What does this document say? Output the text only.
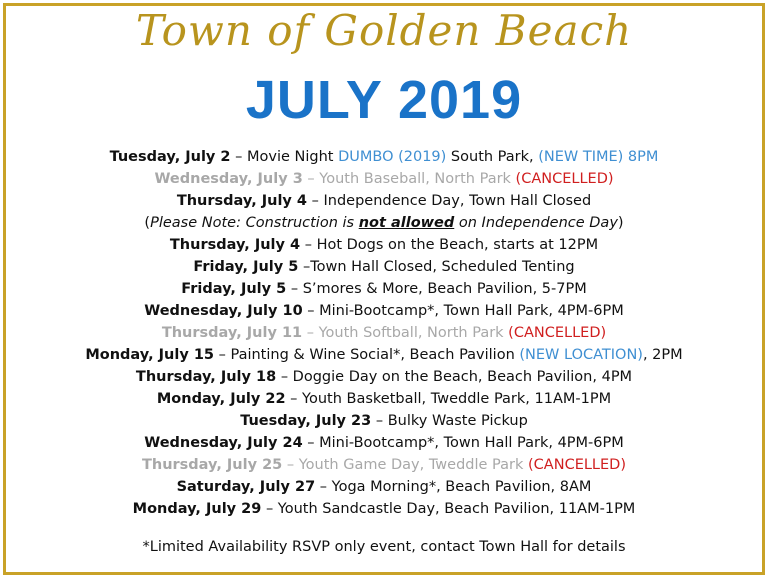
Town of Golden Beach
JULY 2019
Tuesday, July 2 – Movie Night DUMBO (2019) South Park, (NEW TIME) 8PM
Wednesday, July 3 – Youth Baseball, North Park (CANCELLED)
Thursday, July 4 – Independence Day, Town Hall Closed
(Please Note: Construction is not allowed on Independence Day)
Thursday, July 4 – Hot Dogs on the Beach, starts at 12PM
Friday, July 5 –Town Hall Closed, Scheduled Tenting
Friday, July 5 – S’mores & More, Beach Pavilion, 5-7PM
Wednesday, July 10 – Mini-Bootcamp*, Town Hall Park, 4PM-6PM
Thursday, July 11 – Youth Softball, North Park (CANCELLED)
Monday, July 15 – Painting & Wine Social*, Beach Pavilion (NEW LOCATION), 2PM
Thursday, July 18 – Doggie Day on the Beach, Beach Pavilion, 4PM
Monday, July 22 – Youth Basketball, Tweddle Park, 11AM-1PM
Tuesday, July 23 – Bulky Waste Pickup
Wednesday, July 24 – Mini-Bootcamp*, Town Hall Park, 4PM-6PM
Thursday, July 25 – Youth Game Day, Tweddle Park (CANCELLED)
Saturday, July 27 – Yoga Morning*, Beach Pavilion, 8AM
Monday, July 29 – Youth Sandcastle Day, Beach Pavilion, 11AM-1PM
*Limited Availability RSVP only event, contact Town Hall for details
